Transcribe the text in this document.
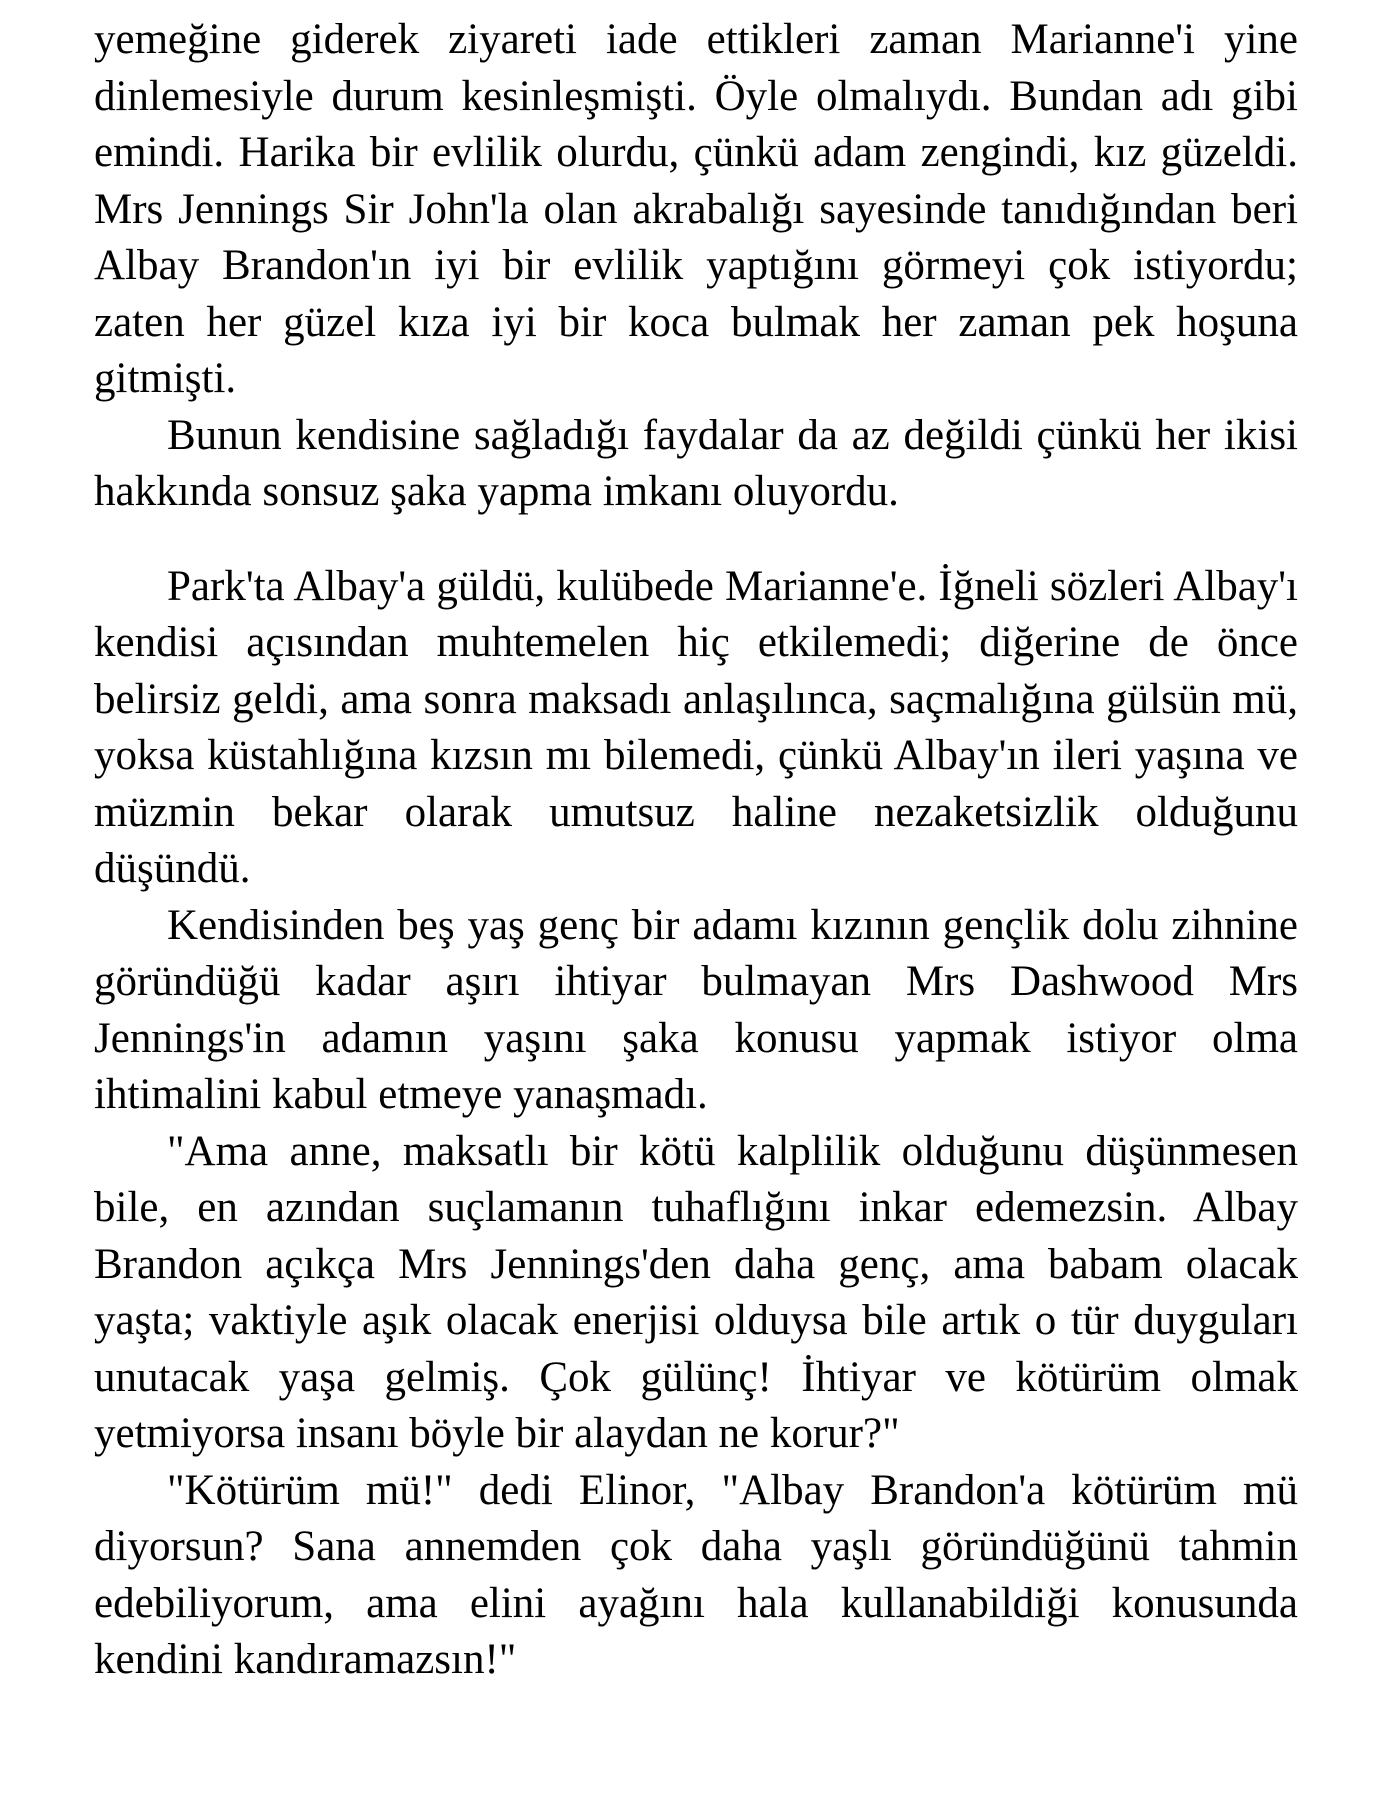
yemeğine giderek ziyareti iade ettikleri zaman Marianne'i yine dinlemesiyle durum kesinleşmişti. Öyle olmalıydı. Bundan adı gibi emindi. Harika bir evlilik olurdu, çünkü adam zengindi, kız güzeldi. Mrs Jennings Sir John'la olan akrabalığı sayesinde tanıdığından beri Albay Brandon'ın iyi bir evlilik yaptığını görmeyi çok istiyordu; zaten her güzel kıza iyi bir koca bulmak her zaman pek hoşuna gitmişti.

Bunun kendisine sağladığı faydalar da az değildi çünkü her ikisi hakkında sonsuz şaka yapma imkanı oluyordu.

Park'ta Albay'a güldü, kulübede Marianne'e. İğneli sözleri Albay'ı kendisi açısından muhtemelen hiç etkilemedi; diğerine de önce belirsiz geldi, ama sonra maksadı anlaşılınca, saçmalığına gülsün mü, yoksa küstahlığına kızsın mı bilemedi, çünkü Albay'ın ileri yaşına ve müzmin bekar olarak umutsuz haline nezaketsizlik olduğunu düşündü.

Kendisinden beş yaş genç bir adamı kızının gençlik dolu zihnine göründüğü kadar aşırı ihtiyar bulmayan Mrs Dashwood Mrs Jennings'in adamın yaşını şaka konusu yapmak istiyor olma ihtimalini kabul etmeye yanaşmadı.

"Ama anne, maksatlı bir kötü kalplilik olduğunu düşünmesen bile, en azından suçlamanın tuhaflığını inkar edemezsin. Albay Brandon açıkça Mrs Jennings'den daha genç, ama babam olacak yaşta; vaktiyle aşık olacak enerjisi olduysa bile artık o tür duyguları unutacak yaşa gelmiş. Çok gülünç! İhtiyar ve kötürüm olmak yetmiyorsa insanı böyle bir alaydan ne korur?"

"Kötürüm mü!" dedi Elinor, "Albay Brandon'a kötürüm mü diyorsun? Sana annemden çok daha yaşlı göründüğünü tahmin edebiliyorum, ama elini ayağını hala kullanabildiği konusunda kendini kandıramazsın!"
